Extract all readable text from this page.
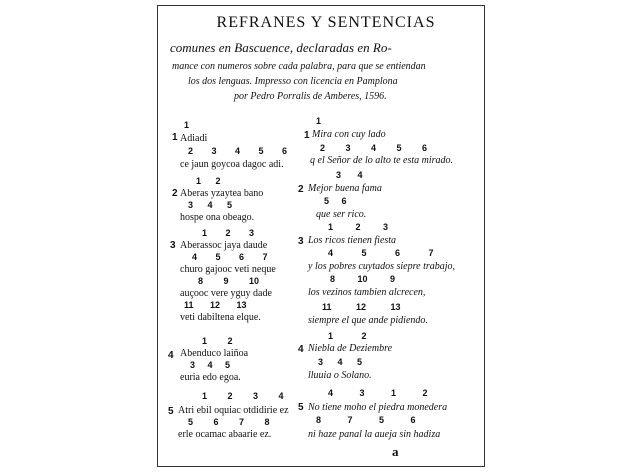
REFRANES Y SENTENCIAS
comunes en Bascuence, declaradas en Ro-
mance con numeros sobre cada palabra, para que se entiendan
los dos lenguas. Impresso con licencia en Pamplona
por Pedro Porralis de Amberes, 1596.
1
1
Adiadi
2 3 4 5 6
ce jaun goycoa dagoc adi.
2
1 2
Aberas yzaytea bano
3 4 5
hospe ona obeago.
3
1 2 3
Aberassoc jaya daude
4 5 6 7
churo gajooc veti neque
8 9 10
auçooc vere yguy dade
11 12 13
veti dabiltena elque.
4
1 2
Abenduco laiñoa
3 4 5
euria edo egoa.
5
1 2 3 4
Atri ebil oquiac otdidirie ez
5 6 7 8
erle ocamac abaarie ez.
1
1
Mira con cuy lado
2 3 4 5 6
q el Señor de lo alto te esta mirado.
2
3 4
Mejor buena fama
5 6
que ser rico.
3
1 2 3
Los ricos tienen fiesta
4 5 6 7
y los pobres cuytados siepre trabajo,
8 10 9
los vezinos tambien alcrecen,
11 12 13
siempre el que ande pidiendo.
4
1 2
Niebla de Deziembre
3 4 5
lluuia o Solano.
5
4 3 1 2
No tiene moho el piedra monedera
8 7 5 6
ni haze panal la aueja sin hadiza
a
